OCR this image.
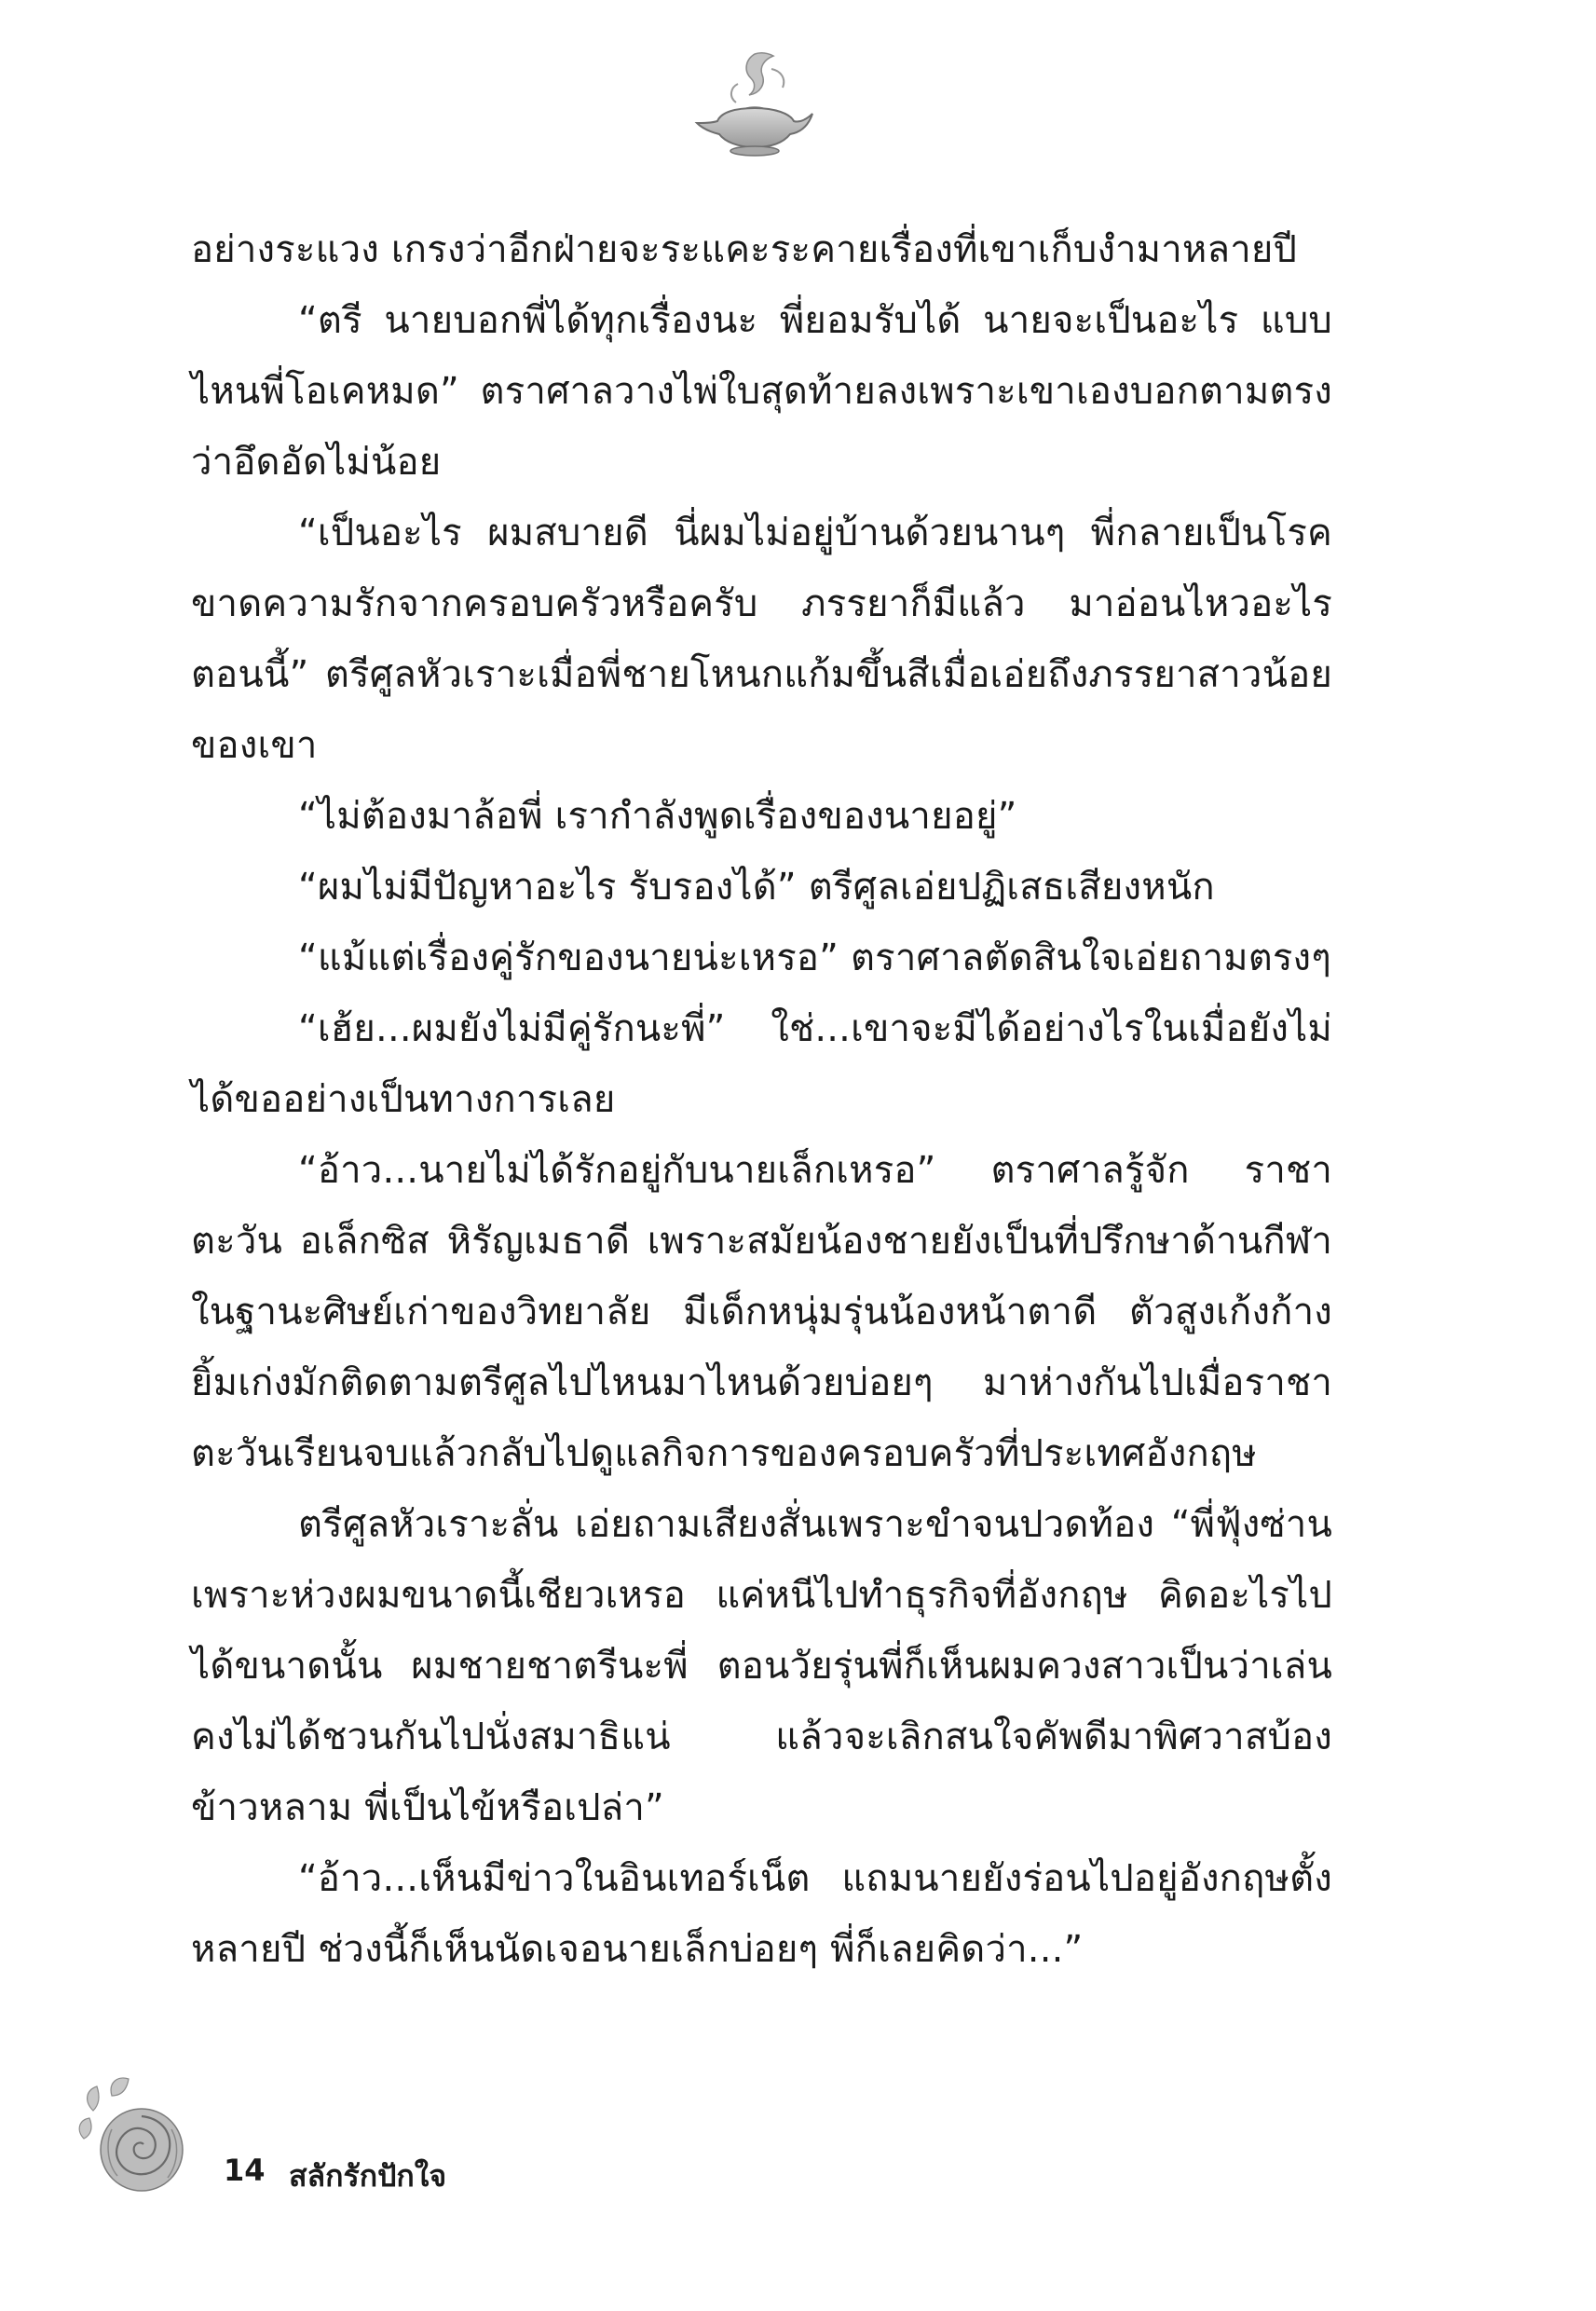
อย่างระแวง เกรงว่าอีกฝ่ายจะระแคะระคายเรื่องที่เขาเก็บงำมาหลายปี

“ตรี นายบอกพี่ได้ทุกเรื่องนะ พี่ยอมรับได้ นายจะเป็นอะไร แบบไหนพี่โอเคหมด” ตราศาลวางไพ่ใบสุดท้ายลงเพราะเขาเองบอกตามตรงว่าอึดอัดไม่น้อย

“เป็นอะไร ผมสบายดี นี่ผมไม่อยู่บ้านด้วยนานๆ พี่กลายเป็นโรคขาดความรักจากครอบครัวหรือครับ ภรรยาก็มีแล้ว มาอ่อนไหวอะไรตอนนี้” ตรีศูลหัวเราะเมื่อพี่ชายโหนกแก้มขึ้นสีเมื่อเอ่ยถึงภรรยาสาวน้อยของเขา

“ไม่ต้องมาล้อพี่ เรากำลังพูดเรื่องของนายอยู่”

“ผมไม่มีปัญหาอะไร รับรองได้” ตรีศูลเอ่ยปฏิเสธเสียงหนัก

“แม้แต่เรื่องคู่รักของนายน่ะเหรอ” ตราศาลตัดสินใจเอ่ยถามตรงๆ

“เฮ้ย...ผมยังไม่มีคู่รักนะพี่” ใช่...เขาจะมีได้อย่างไรในเมื่อยังไม่ได้ขออย่างเป็นทางการเลย

“อ้าว...นายไม่ได้รักอยู่กับนายเล็กเหรอ” ตราศาลรู้จัก ราชาตะวัน อเล็กซิส หิรัญเมธาดี เพราะสมัยน้องชายยังเป็นที่ปรึกษาด้านกีฬาในฐานะศิษย์เก่าของวิทยาลัย มีเด็กหนุ่มรุ่นน้องหน้าตาดี ตัวสูงเก้งก้างยิ้มเก่งมักติดตามตรีศูลไปไหนมาไหนด้วยบ่อยๆ มาห่างกันไปเมื่อราชาตะวันเรียนจบแล้วกลับไปดูแลกิจการของครอบครัวที่ประเทศอังกฤษ

ตรีศูลหัวเราะลั่น เอ่ยถามเสียงสั่นเพราะขำจนปวดท้อง “พี่ฟุ้งซ่านเพราะห่วงผมขนาดนี้เชียวเหรอ แค่หนีไปทำธุรกิจที่อังกฤษ คิดอะไรไปได้ขนาดนั้น ผมชายชาตรีนะพี่ ตอนวัยรุ่นพี่ก็เห็นผมควงสาวเป็นว่าเล่น คงไม่ได้ชวนกันไปนั่งสมาธิแน่ แล้วจะเลิกสนใจคัพดีมาพิศวาสบ้องข้าวหลาม พี่เป็นไข้หรือเปล่า”

“อ้าว...เห็นมีข่าวในอินเทอร์เน็ต แถมนายยังร่อนไปอยู่อังกฤษตั้งหลายปี ช่วงนี้ก็เห็นนัดเจอนายเล็กบ่อยๆ พี่ก็เลยคิดว่า...”

14 สลักรักปักใจ
